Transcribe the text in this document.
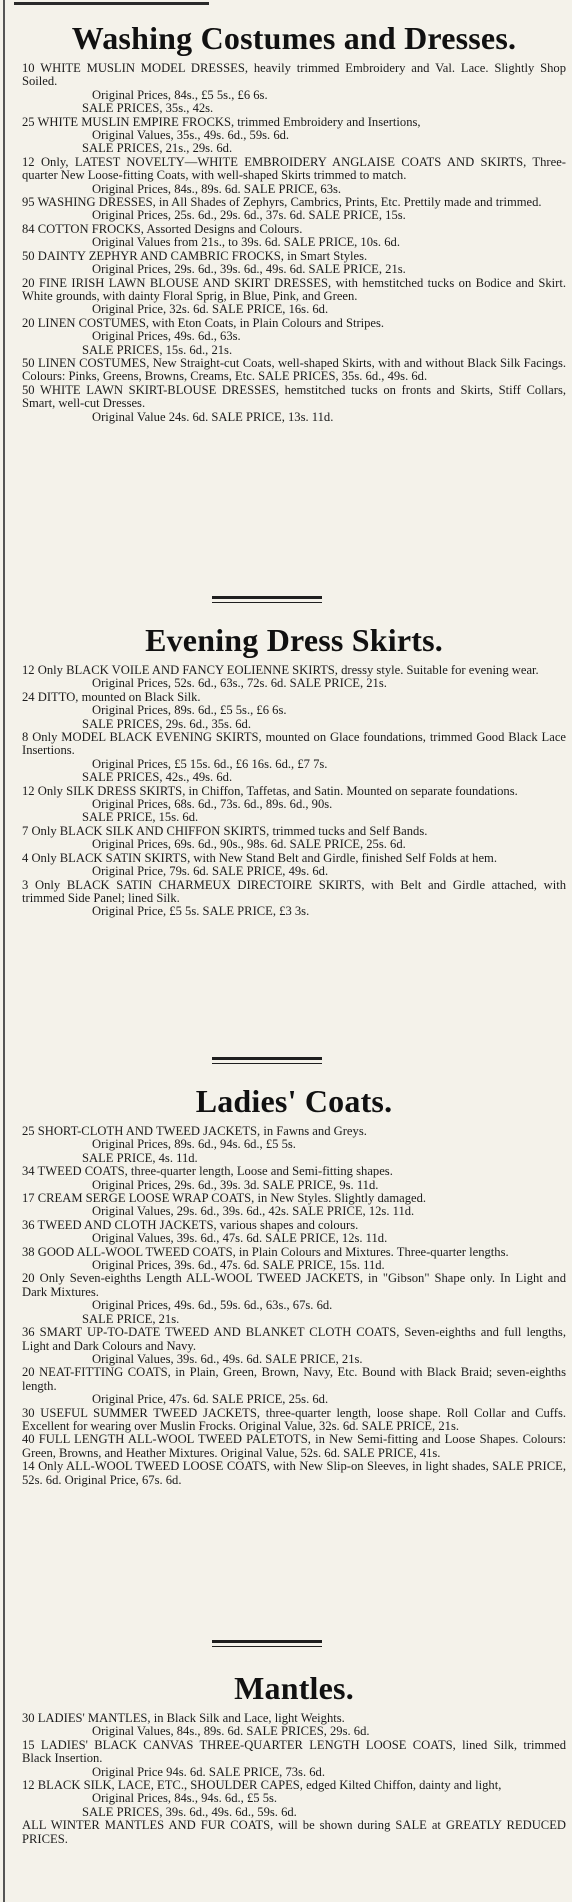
Washing Costumes and Dresses.
10 WHITE MUSLIN MODEL DRESSES, heavily trimmed Embroidery and Val. Lace. Slightly Shop Soiled.
Original Prices, 84s., £5 5s., £6 6s.
SALE PRICES, 35s., 42s.
25 WHITE MUSLIN EMPIRE FROCKS, trimmed Embroidery and Insertions,
Original Values, 35s., 49s. 6d., 59s. 6d.
SALE PRICES, 21s., 29s. 6d.
12 Only, LATEST NOVELTY—WHITE EMBROIDERY ANGLAISE COATS AND SKIRTS, Three-quarter New Loose-fitting Coats, with well-shaped Skirts trimmed to match.
Original Prices, 84s., 89s. 6d. SALE PRICE, 63s.
95 WASHING DRESSES, in All Shades of Zephyrs, Cambrics, Prints, Etc. Prettily made and trimmed.
Original Prices, 25s. 6d., 29s. 6d., 37s. 6d. SALE PRICE, 15s.
84 COTTON FROCKS, Assorted Designs and Colours.
Original Values from 21s., to 39s. 6d. SALE PRICE, 10s. 6d.
50 DAINTY ZEPHYR AND CAMBRIC FROCKS, in Smart Styles.
Original Prices, 29s. 6d., 39s. 6d., 49s. 6d. SALE PRICE, 21s.
20 FINE IRISH LAWN BLOUSE AND SKIRT DRESSES, with hemstitched tucks on Bodice and Skirt. White grounds, with dainty Floral Sprig, in Blue, Pink, and Green.
Original Price, 32s. 6d. SALE PRICE, 16s. 6d.
20 LINEN COSTUMES, with Eton Coats, in Plain Colours and Stripes.
Original Prices, 49s. 6d., 63s.
SALE PRICES, 15s. 6d., 21s.
50 LINEN COSTUMES, New Straight-cut Coats, well-shaped Skirts, with and without Black Silk Facings. Colours: Pinks, Greens, Browns, Creams, Etc. SALE PRICES, 35s. 6d., 49s. 6d.
50 WHITE LAWN SKIRT-BLOUSE DRESSES, hemstitched tucks on fronts and Skirts, Stiff Collars, Smart, well-cut Dresses.
Original Value 24s. 6d. SALE PRICE, 13s. 11d.
Evening Dress Skirts.
12 Only BLACK VOILE AND FANCY EOLIENNE SKIRTS, dressy style. Suitable for evening wear.
Original Prices, 52s. 6d., 63s., 72s. 6d. SALE PRICE, 21s.
24 DITTO, mounted on Black Silk.
Original Prices, 89s. 6d., £5 5s., £6 6s.
SALE PRICES, 29s. 6d., 35s. 6d.
8 Only MODEL BLACK EVENING SKIRTS, mounted on Glace foundations, trimmed Good Black Lace Insertions.
Original Prices, £5 15s. 6d., £6 16s. 6d., £7 7s.
SALE PRICES, 42s., 49s. 6d.
12 Only SILK DRESS SKIRTS, in Chiffon, Taffetas, and Satin. Mounted on separate foundations.
Original Prices, 68s. 6d., 73s. 6d., 89s. 6d., 90s.
SALE PRICE, 15s. 6d.
7 Only BLACK SILK AND CHIFFON SKIRTS, trimmed tucks and Self Bands.
Original Prices, 69s. 6d., 90s., 98s. 6d. SALE PRICE, 25s. 6d.
4 Only BLACK SATIN SKIRTS, with New Stand Belt and Girdle, finished Self Folds at hem.
Original Price, 79s. 6d. SALE PRICE, 49s. 6d.
3 Only BLACK SATIN CHARMEUX DIRECTOIRE SKIRTS, with Belt and Girdle attached, with trimmed Side Panel; lined Silk.
Original Price, £5 5s. SALE PRICE, £3 3s.
Ladies' Coats.
25 SHORT-CLOTH AND TWEED JACKETS, in Fawns and Greys.
Original Prices, 89s. 6d., 94s. 6d., £5 5s.
SALE PRICE, 4s. 11d.
34 TWEED COATS, three-quarter length, Loose and Semi-fitting shapes.
Original Prices, 29s. 6d., 39s. 3d. SALE PRICE, 9s. 11d.
17 CREAM SERGE LOOSE WRAP COATS, in New Styles. Slightly damaged.
Original Values, 29s. 6d., 39s. 6d., 42s. SALE PRICE, 12s. 11d.
36 TWEED AND CLOTH JACKETS, various shapes and colours.
Original Values, 39s. 6d., 47s. 6d. SALE PRICE, 12s. 11d.
38 GOOD ALL-WOOL TWEED COATS, in Plain Colours and Mixtures. Three-quarter lengths.
Original Prices, 39s. 6d., 47s. 6d. SALE PRICE, 15s. 11d.
20 Only Seven-eighths Length ALL-WOOL TWEED JACKETS, in "Gibson" Shape only. In Light and Dark Mixtures.
Original Prices, 49s. 6d., 59s. 6d., 63s., 67s. 6d.
SALE PRICE, 21s.
36 SMART UP-TO-DATE TWEED AND BLANKET CLOTH COATS, Seven-eighths and full lengths, Light and Dark Colours and Navy.
Original Values, 39s. 6d., 49s. 6d. SALE PRICE, 21s.
20 NEAT-FITTING COATS, in Plain, Green, Brown, Navy, Etc. Bound with Black Braid; seven-eighths length.
Original Price, 47s. 6d. SALE PRICE, 25s. 6d.
30 USEFUL SUMMER TWEED JACKETS, three-quarter length, loose shape. Roll Collar and Cuffs. Excellent for wearing over Muslin Frocks. Original Value, 32s. 6d. SALE PRICE, 21s.
40 FULL LENGTH ALL-WOOL TWEED PALETOTS, in New Semi-fitting and Loose Shapes. Colours: Green, Browns, and Heather Mixtures. Original Value, 52s. 6d. SALE PRICE, 41s.
14 Only ALL-WOOL TWEED LOOSE COATS, with New Slip-on Sleeves, in light shades, SALE PRICE, 52s. 6d. Original Price, 67s. 6d.
Mantles.
30 LADIES' MANTLES, in Black Silk and Lace, light Weights.
Original Values, 84s., 89s. 6d. SALE PRICES, 29s. 6d.
15 LADIES' BLACK CANVAS THREE-QUARTER LENGTH LOOSE COATS, lined Silk, trimmed Black Insertion.
Original Price 94s. 6d. SALE PRICE, 73s. 6d.
12 BLACK SILK, LACE, ETC., SHOULDER CAPES, edged Kilted Chiffon, dainty and light,
Original Prices, 84s., 94s. 6d., £5 5s.
SALE PRICES, 39s. 6d., 49s. 6d., 59s. 6d.
ALL WINTER MANTLES AND FUR COATS, will be shown during SALE at GREATLY REDUCED PRICES.
